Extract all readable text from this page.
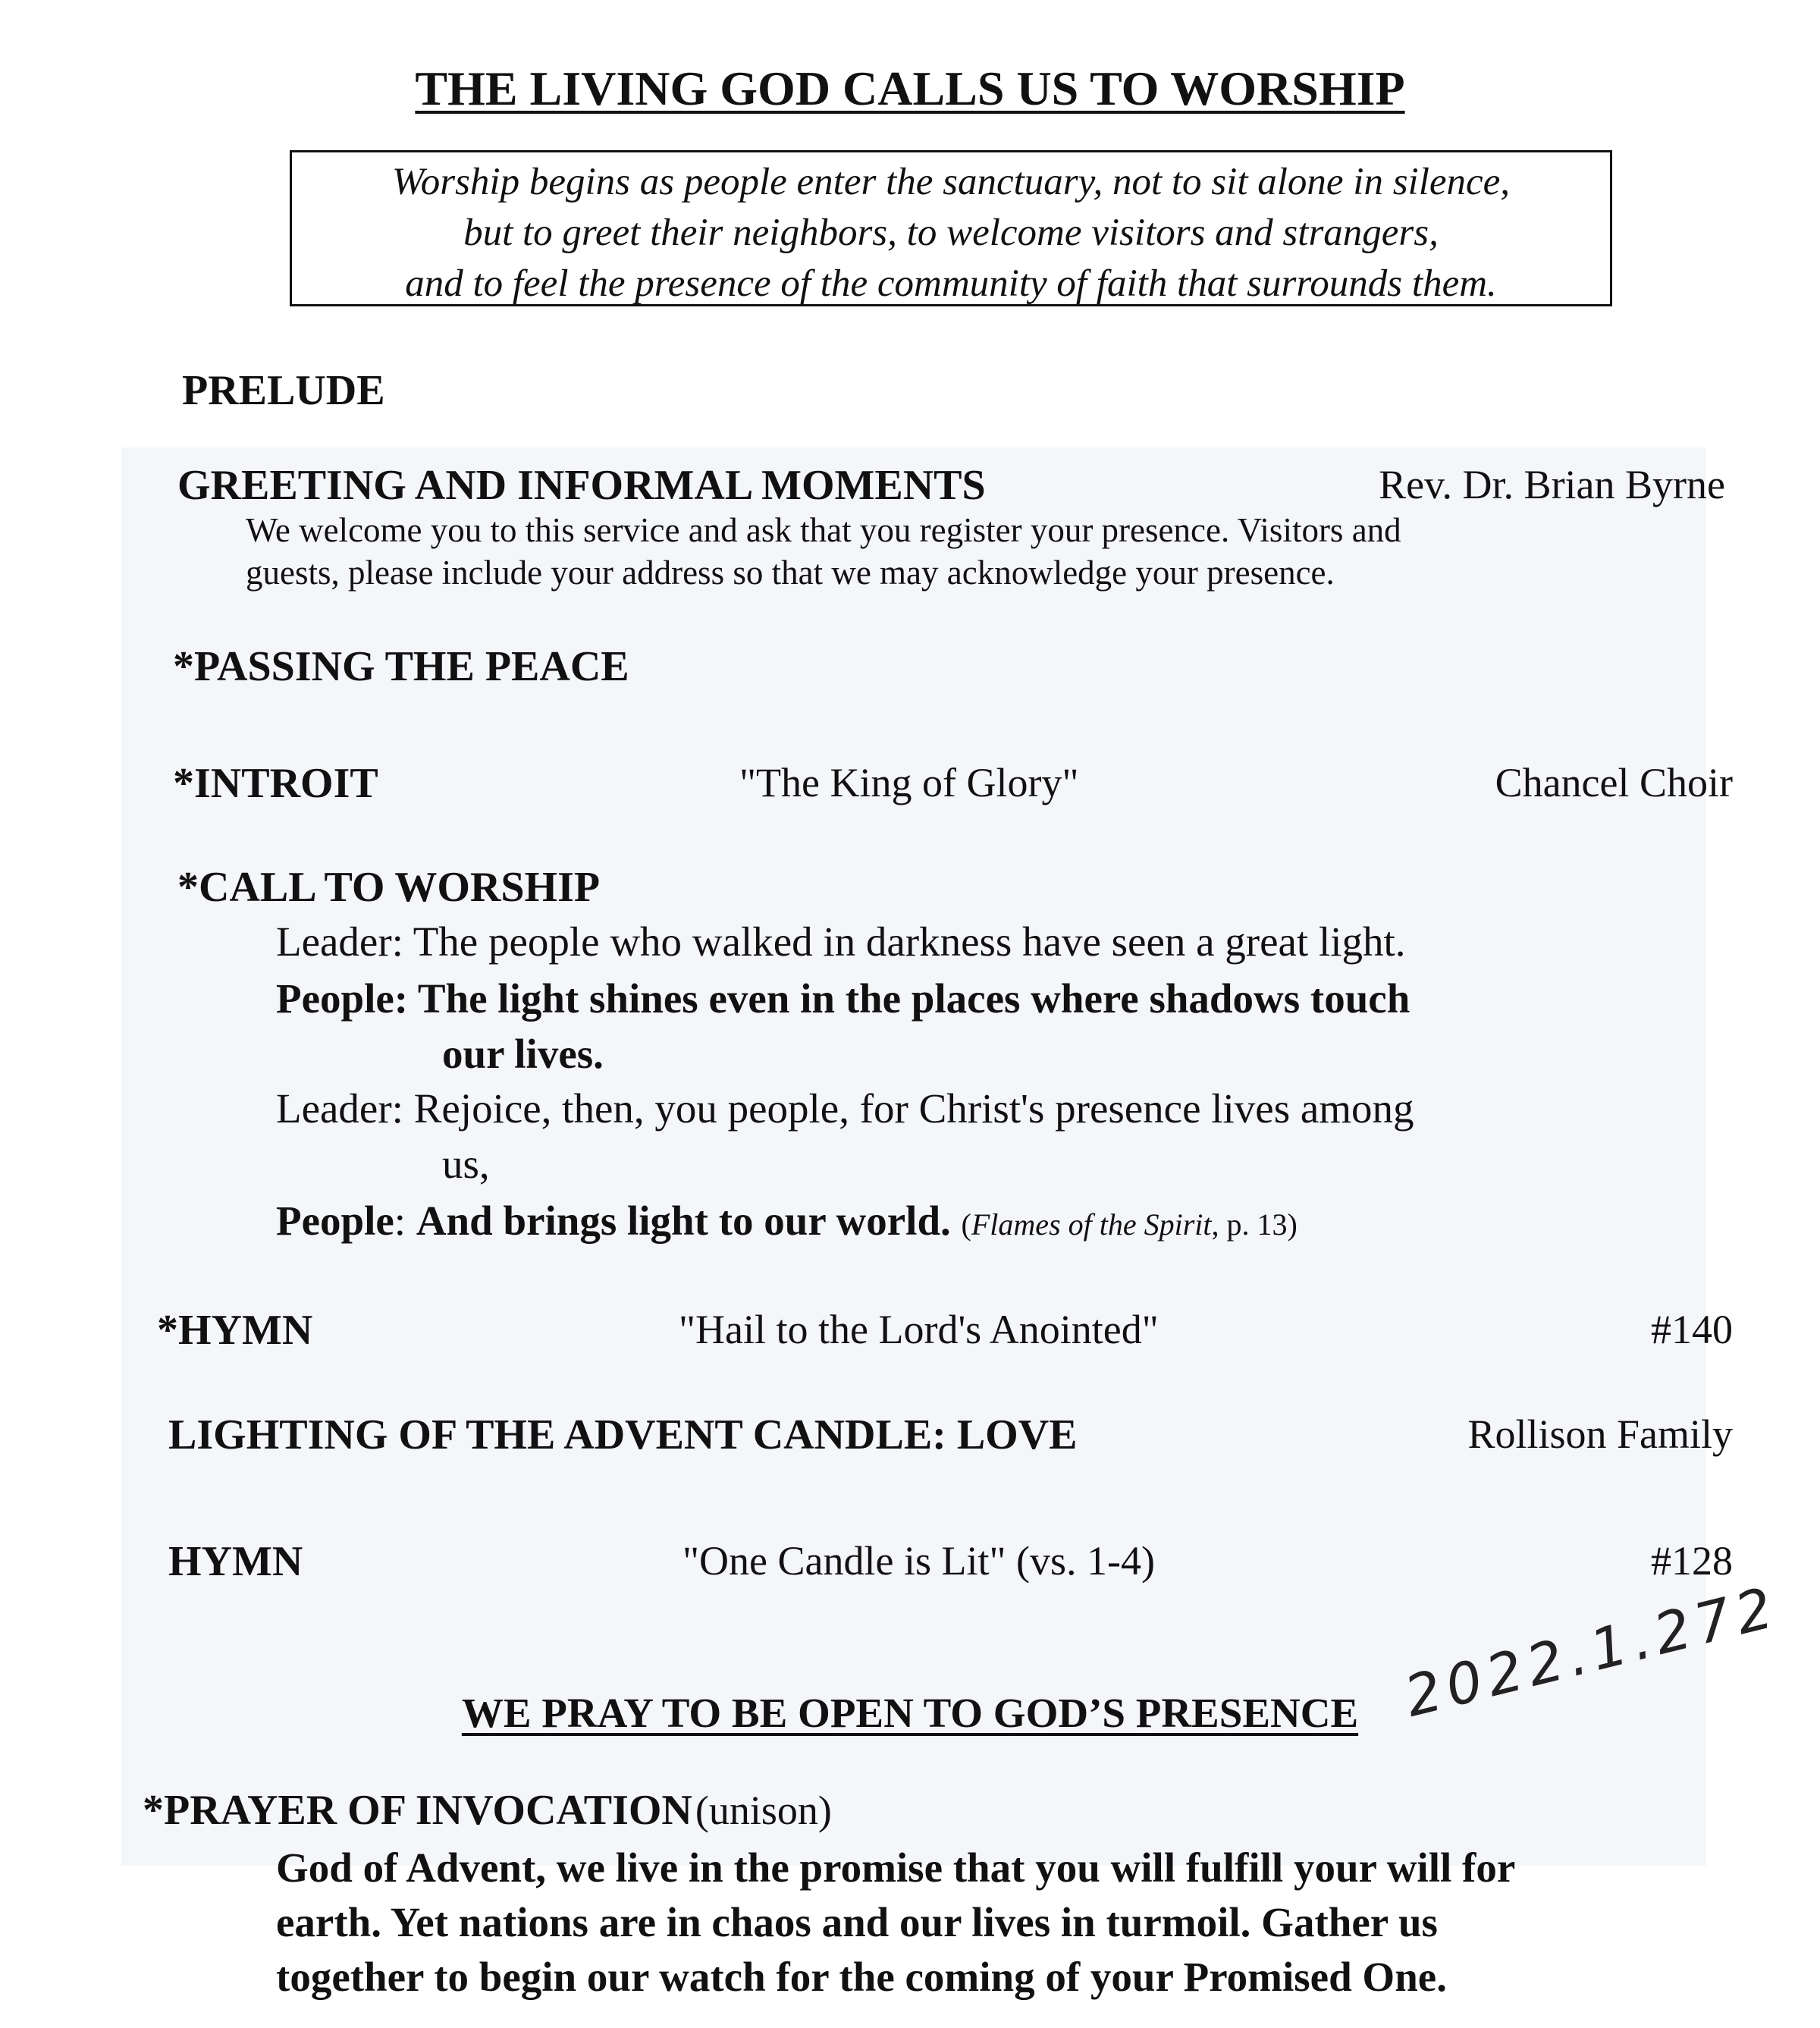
THE LIVING GOD CALLS US TO WORSHIP
Worship begins as people enter the sanctuary, not to sit alone in silence,
but to greet their neighbors, to welcome visitors and strangers,
and to feel the presence of the community of faith that surrounds them.
PRELUDE
GREETING AND INFORMAL MOMENTS	Rev. Dr. Brian Byrne
We welcome you to this service and ask that you register your presence. Visitors and
guests, please include your address so that we may acknowledge your presence.
*PASSING THE PEACE
*INTROIT	"The King of Glory"	Chancel Choir
*CALL TO WORSHIP
Leader: The people who walked in darkness have seen a great light.
People: The light shines even in the places where shadows touch
our lives.
Leader: Rejoice, then, you people, for Christ's presence lives among
us,
People: And brings light to our world. (Flames of the Spirit, p. 13)
*HYMN	"Hail to the Lord's Anointed"	#140
LIGHTING OF THE ADVENT CANDLE: LOVE	Rollison Family
HYMN	"One Candle is Lit" (vs. 1-4)	#128
WE PRAY TO BE OPEN TO GOD’S PRESENCE
*PRAYER OF INVOCATION (unison)
God of Advent, we live in the promise that you will fulfill your will for
earth. Yet nations are in chaos and our lives in turmoil. Gather us
together to begin our watch for the coming of your Promised One.
2022.1.272
